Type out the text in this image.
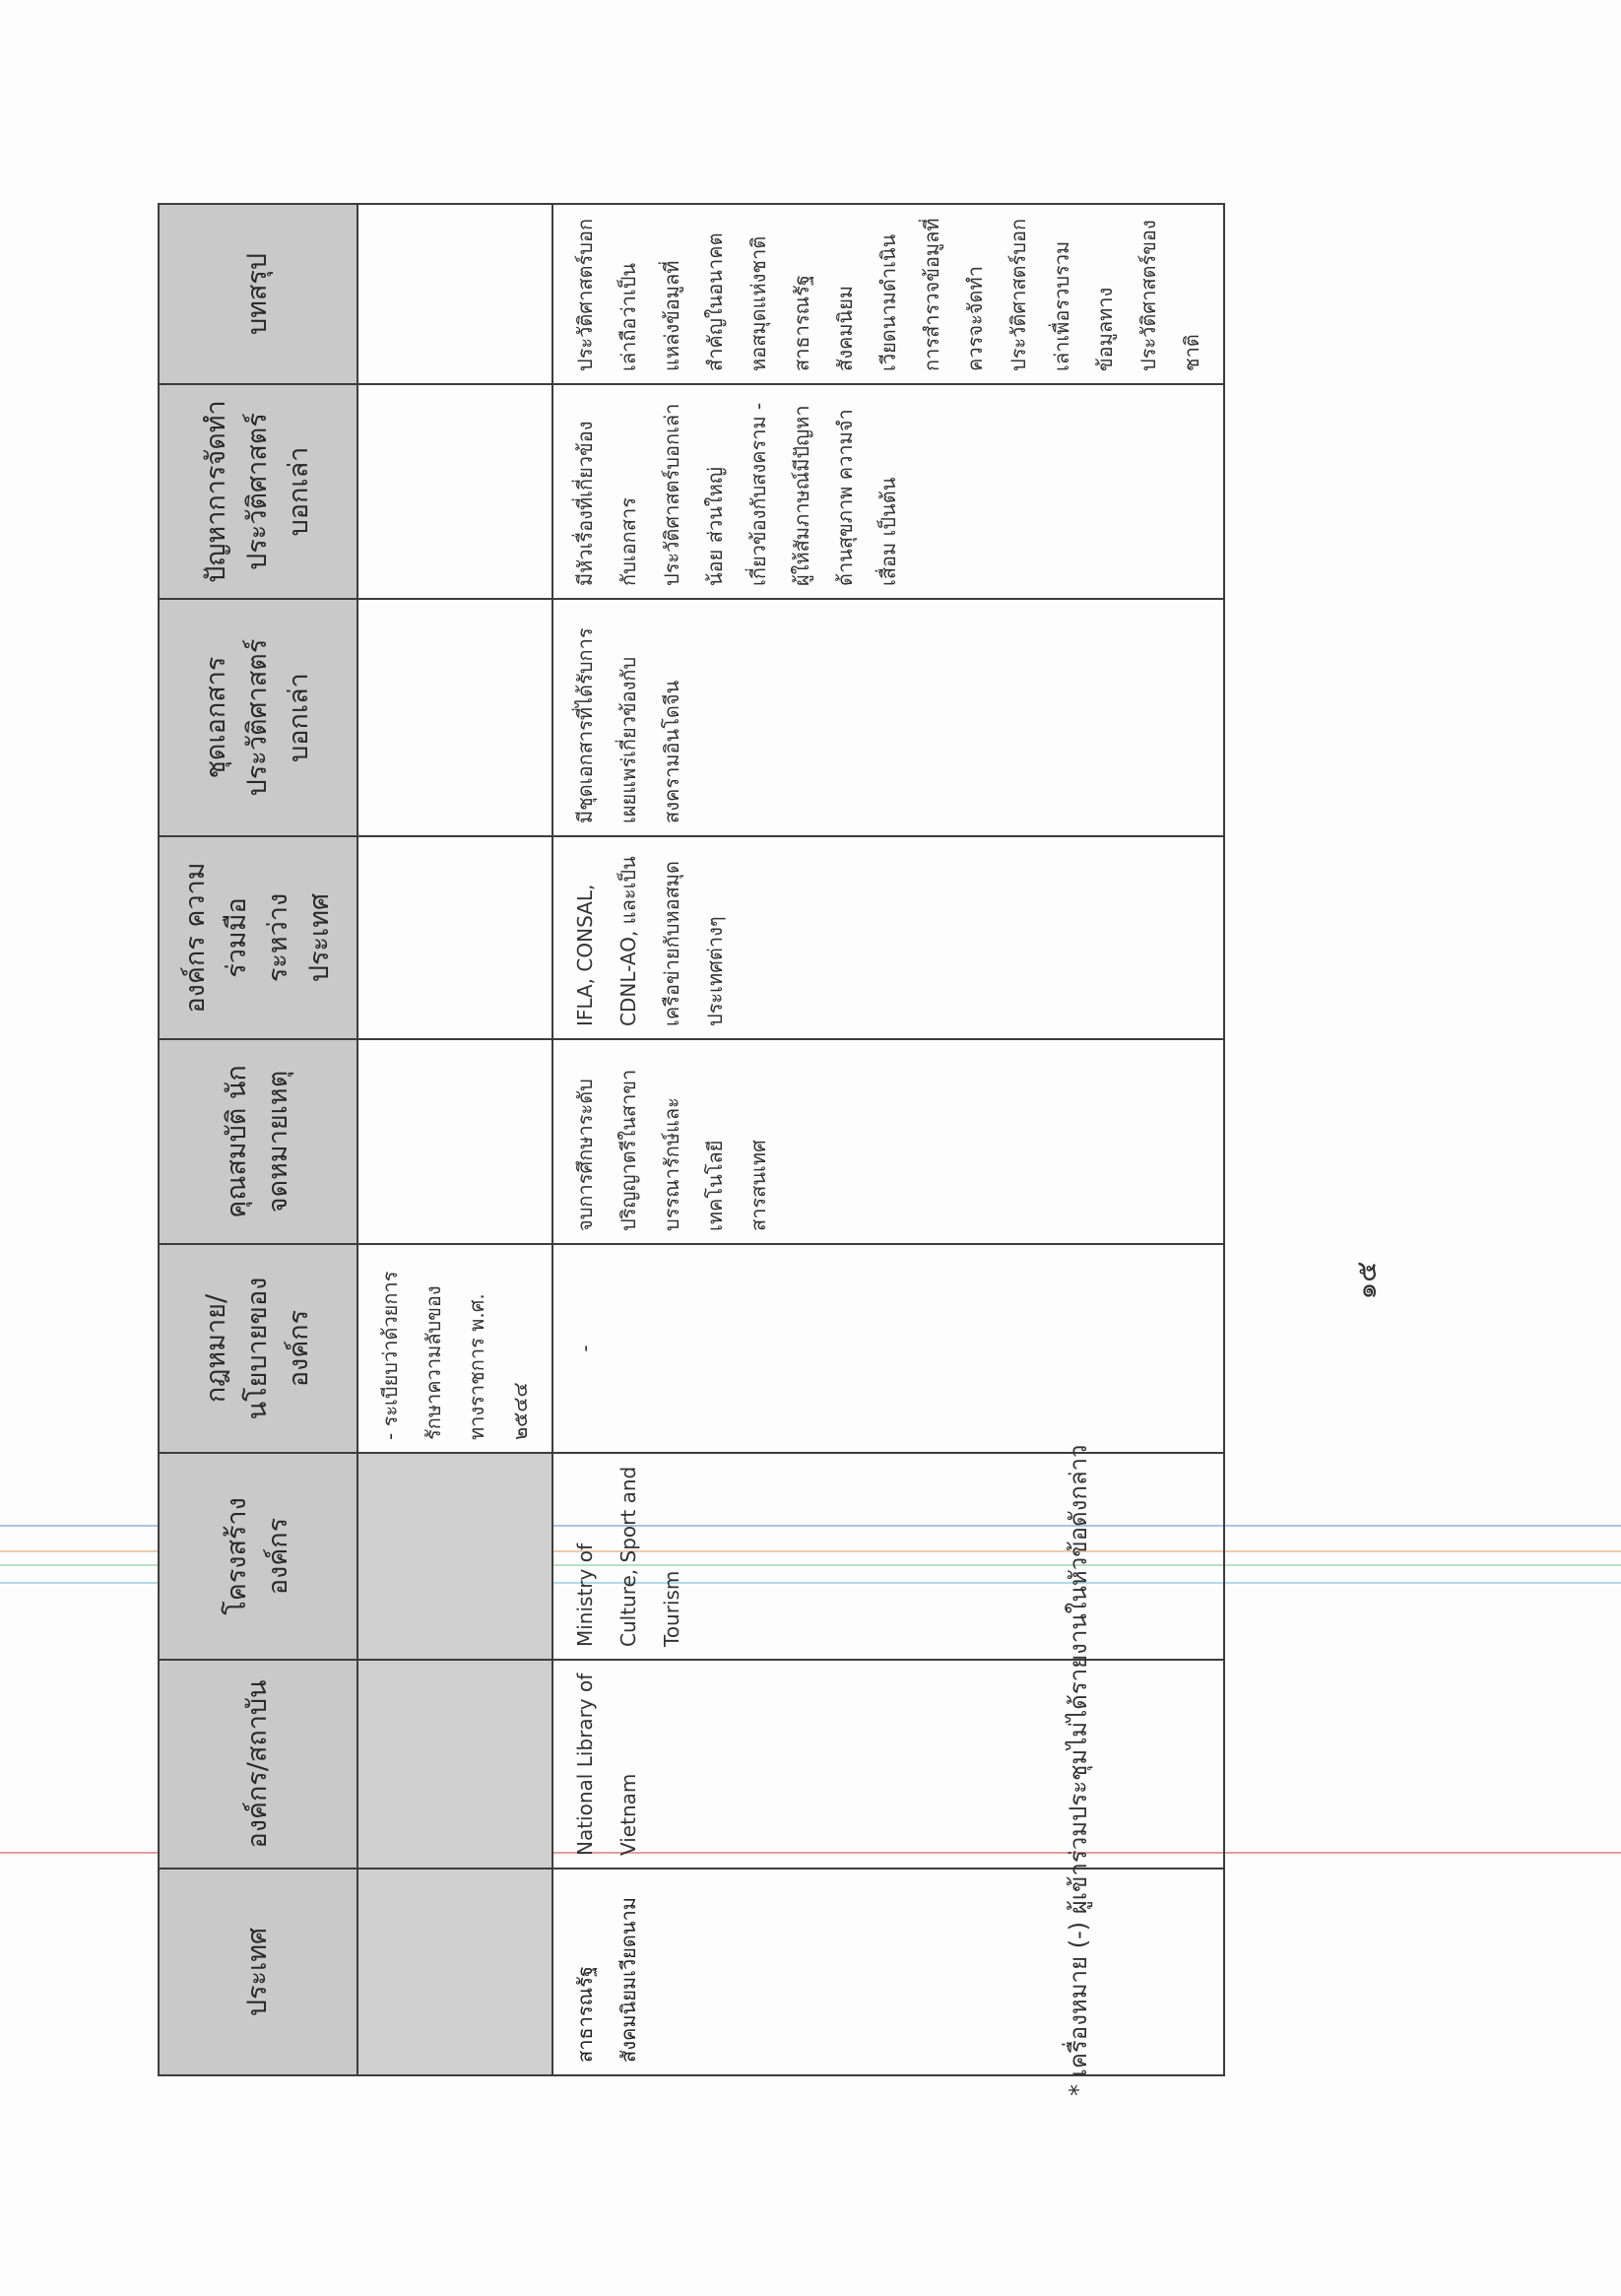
ประเทศ	องค์กร/สถาบัน	โครงสร้างองค์กร	กฎหมาย/นโยบายขององค์กร	คุณสมบัติ นักจดหมายเหตุ	องค์กร ความร่วมมือ ระหว่าง ประเทศ	ชุดเอกสาร ประวัติศาสตร์ บอกเล่า	ปัญหาการจัดทำ ประวัติศาสตร์ บอกเล่า	บทสรุป
			- ระเบียบว่าด้วยการรักษาความลับของทางราชการ พ.ศ. ๒๕๔๔					
สาธารณรัฐสังคมนิยมเวียดนาม	National Library of Vietnam	Ministry of Culture, Sport and Tourism	-	จบการศึกษาระดับปริญญาตรีในสาขาบรรณารักษ์และเทคโนโลยีสารสนเทศ	IFLA, CONSAL, CDNL-AO, และเป็นเครือข่ายกับหอสมุดประเทศต่างๆ	มีชุดเอกสารที่ได้รับการเผยแพร่เกี่ยวข้องกับสงครามอินโดจีน	มีหัวเรื่องที่เกี่ยวข้องกับเอกสารประวัติศาสตร์บอกเล่าน้อย ส่วนใหญ่เกี่ยวข้องกับสงคราม - ผู้ให้สัมภาษณ์มีปัญหาด้านสุขภาพ ความจำเสื่อม เป็นต้น	ประวัติศาสตร์บอกเล่าถือว่าเป็นแหล่งข้อมูลที่สำคัญในอนาคต หอสมุดแห่งชาติสาธารณรัฐสังคมนิยมเวียดนามดำเนินการสำรวจข้อมูลที่ควรจะจัดทำประวัติศาสตร์บอกเล่าเพื่อรวบรวมข้อมูลทางประวัติศาสตร์ของชาติ
* เครื่องหมาย (-) ผู้เข้าร่วมประชุมไม่ได้รายงานในหัวข้อดังกล่าว
๑๕
